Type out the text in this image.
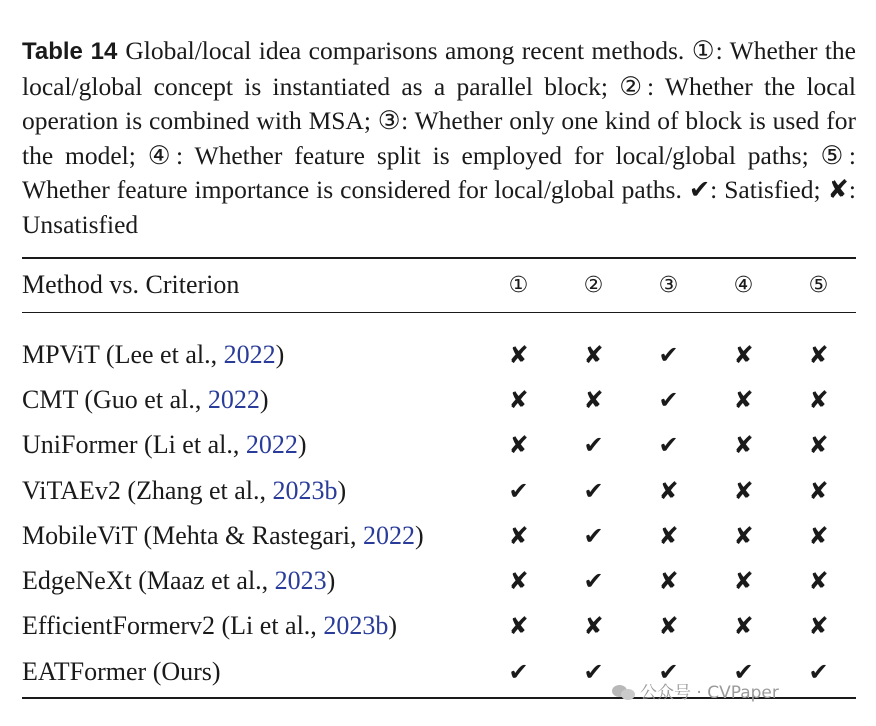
Table 14 Global/local idea comparisons among recent methods. ①: Whether the local/global concept is instantiated as a parallel block; ②: Whether the local operation is combined with MSA; ③: Whether only one kind of block is used for the model; ④: Whether feature split is employed for local/global paths; ⑤: Whether feature importance is considered for local/global paths. ✔: Satisfied; ✘: Unsatisfied
Method vs. Criterion	①	②	③	④	⑤

MPViT (Lee et al., 2022)	✘	✘	✔	✘	✘
CMT (Guo et al., 2022)	✘	✘	✔	✘	✘
UniFormer (Li et al., 2022)	✘	✔	✔	✘	✘
ViTAEv2 (Zhang et al., 2023b)	✔	✔	✘	✘	✘
MobileViT (Mehta & Rastegari, 2022)	✘	✔	✘	✘	✘
EdgeNeXt (Maaz et al., 2023)	✘	✔	✘	✘	✘
EfficientFormerv2 (Li et al., 2023b)	✘	✘	✘	✘	✘
EATFormer (Ours)	✔	✔	✔	✔	✔
公众号 · CVPaper
